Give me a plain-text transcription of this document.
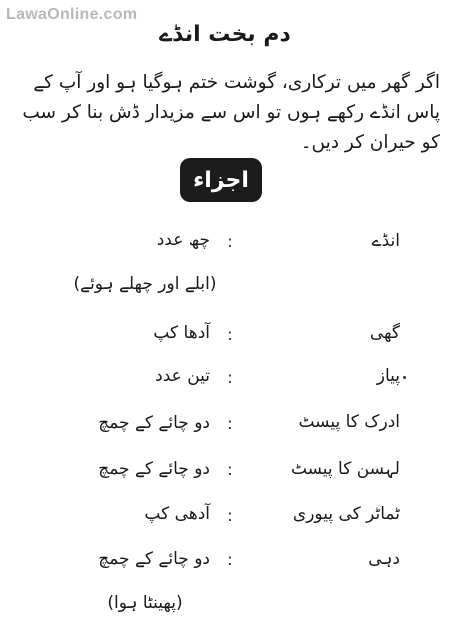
LawaOnline.com
دم بخت انڈے
اگر گھر میں ترکاری، گوشت ختم ہوگیا ہو اور آپ کے پاس انڈے رکھے ہوں تو اس سے مزیدار ڈش بنا کر سب کو حیران کر دیں۔
اجزاء
انڈے
:
چھ عدد
(ابلے اور چھلے ہوئے)
گھی
:
آدھا کپ
پیاز
:
تین عدد
ادرک کا پیسٹ
:
دو چائے کے چمچ
لہسن کا پیسٹ
:
دو چائے کے چمچ
ٹماٹر کی پیوری
:
آدھی کپ
دہی
:
دو چائے کے چمچ
(پھینٹا ہوا)
